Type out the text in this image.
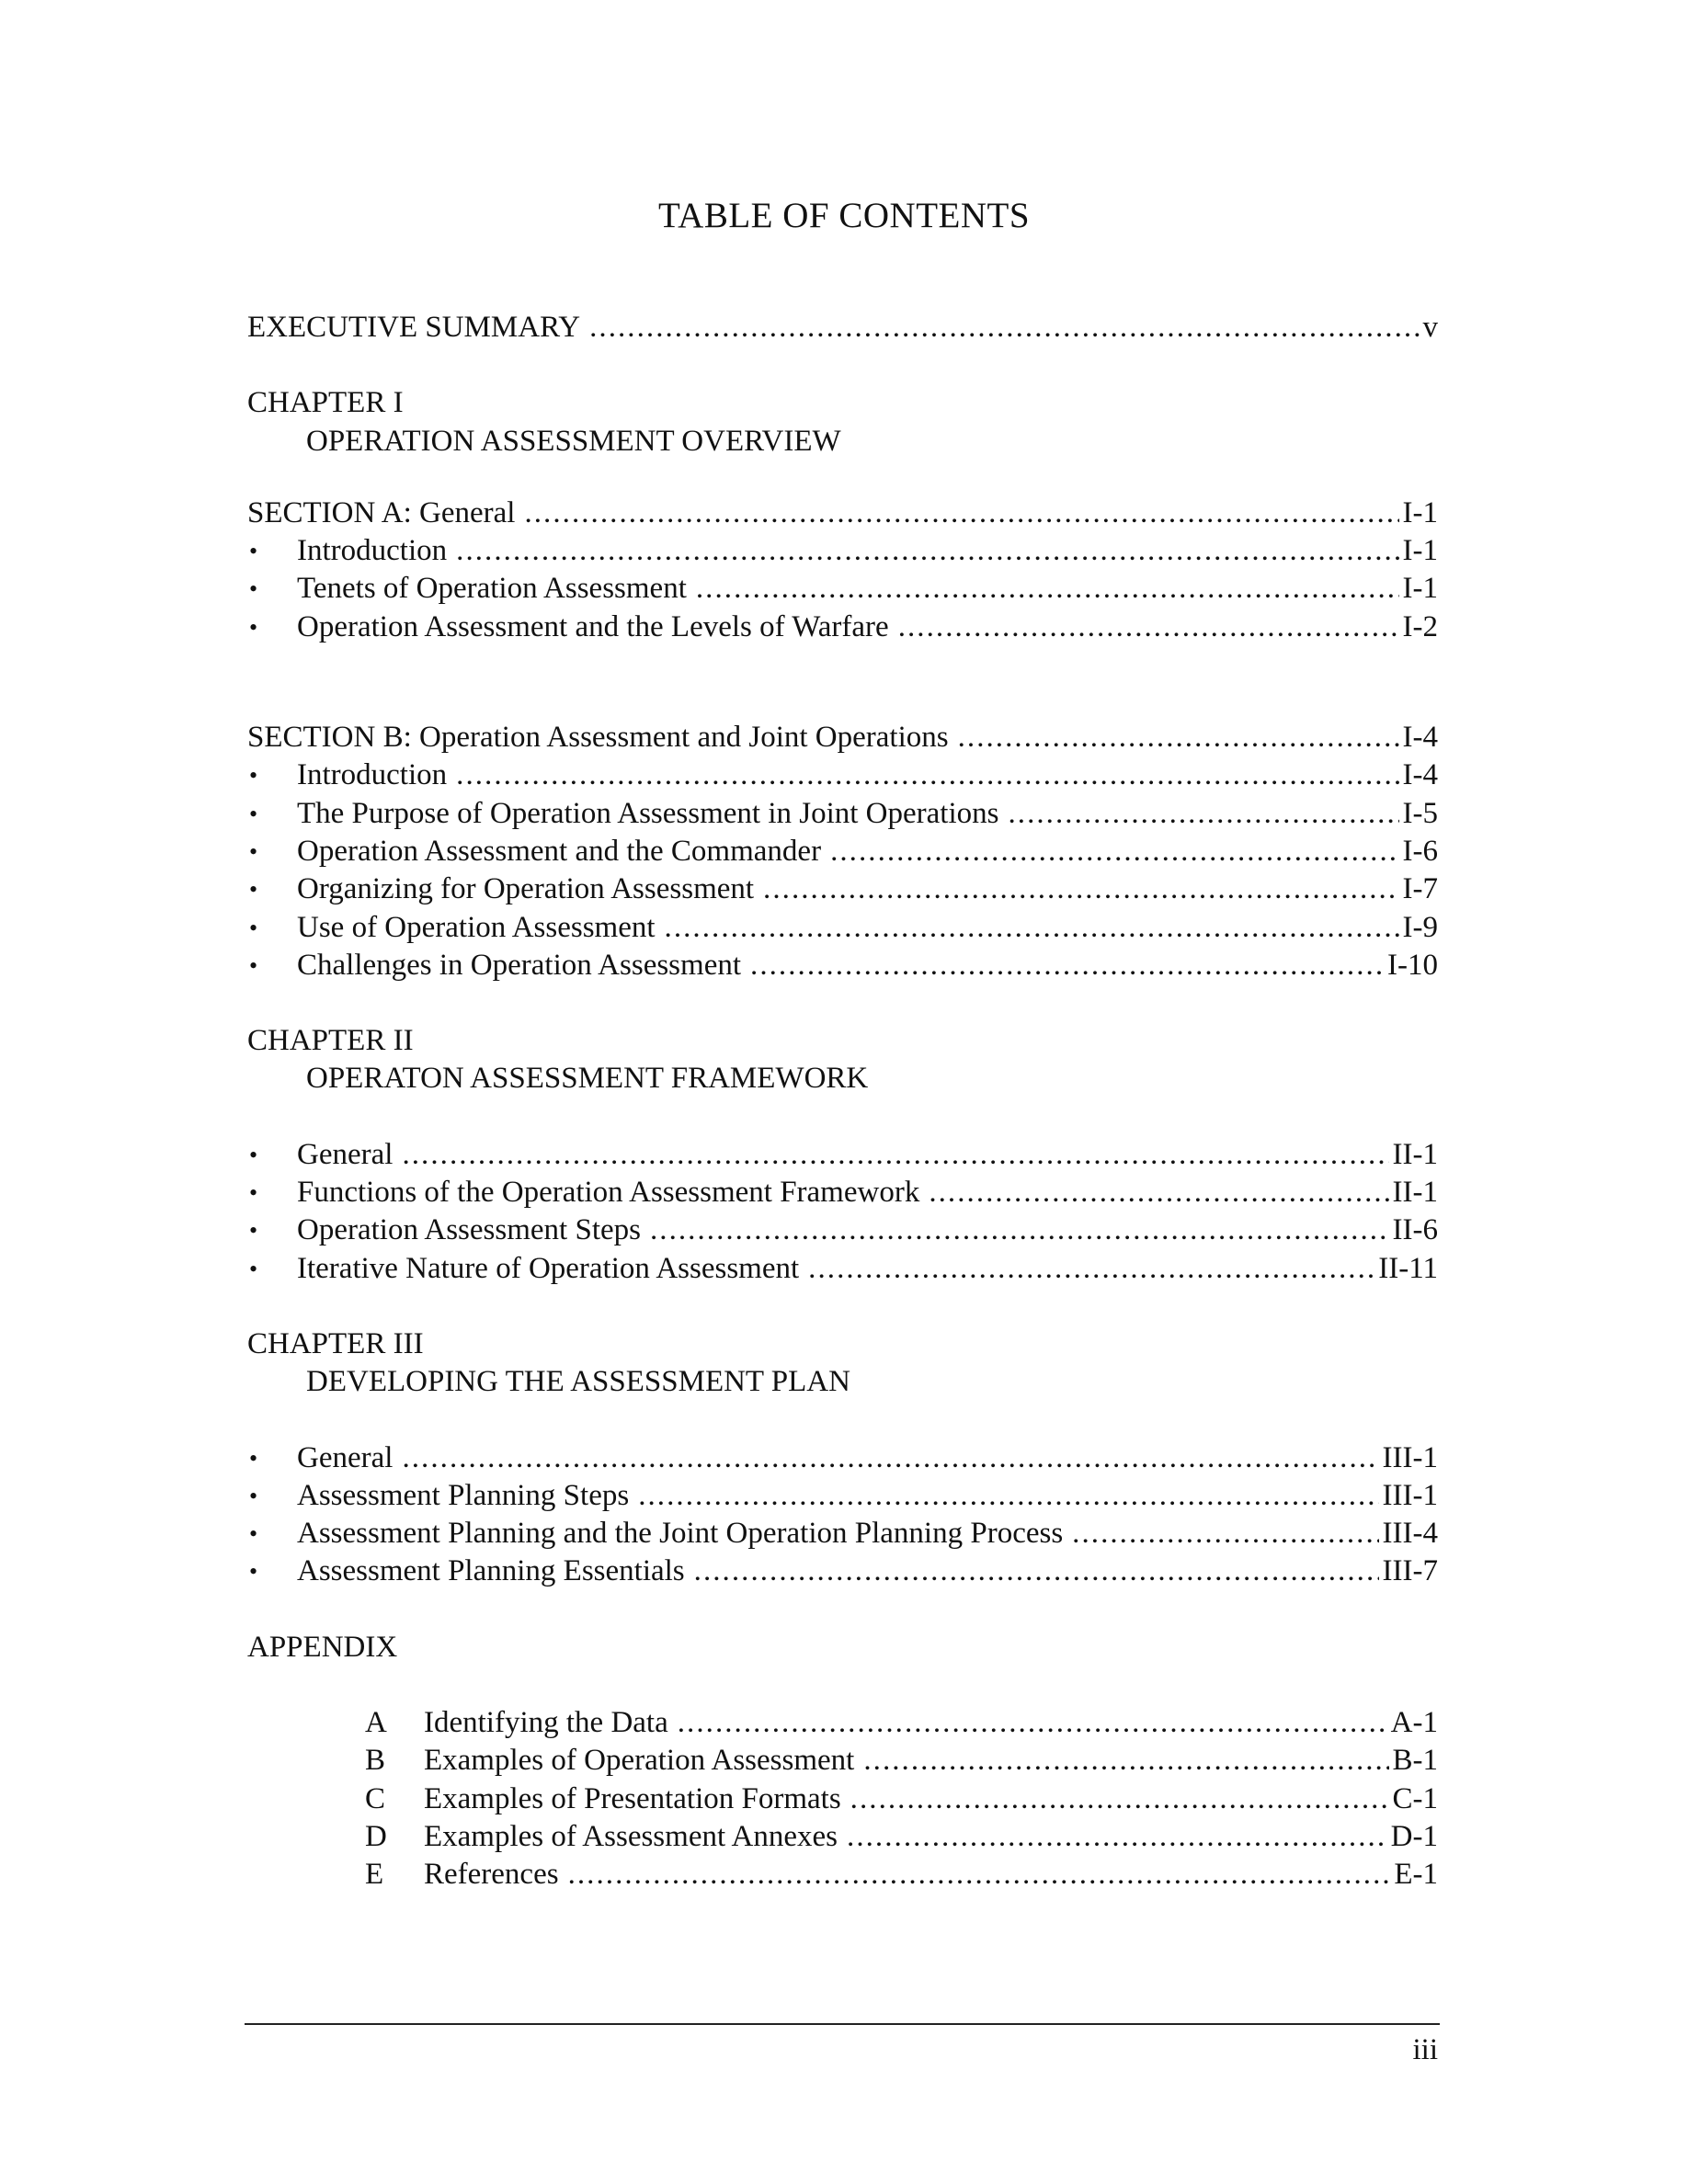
TABLE OF CONTENTS
EXECUTIVE SUMMARY . . .	v
CHAPTER I
OPERATION ASSESSMENT OVERVIEW
SECTION A: General . . .	I-1
• Introduction . . .	I-1
• Tenets of Operation Assessment . . .	I-1
• Operation Assessment and the Levels of Warfare . . .	I-2
SECTION B: Operation Assessment and Joint Operations . . .	I-4
• Introduction . . .	I-4
• The Purpose of Operation Assessment in Joint Operations . . .	I-5
• Operation Assessment and the Commander . . .	I-6
• Organizing for Operation Assessment . . .	I-7
• Use of Operation Assessment . . .	I-9
• Challenges in Operation Assessment . . .	I-10
CHAPTER II
OPERATON ASSESSMENT FRAMEWORK
• General . . .	II-1
• Functions of the Operation Assessment Framework . . .	II-1
• Operation Assessment Steps . . .	II-6
• Iterative Nature of Operation Assessment . . .	II-11
CHAPTER III
DEVELOPING THE ASSESSMENT PLAN
• General . . .	III-1
• Assessment Planning Steps . . .	III-1
• Assessment Planning and the Joint Operation Planning Process . . .	III-4
• Assessment Planning Essentials . . .	III-7
APPENDIX
A	Identifying the Data . . .	A-1
B	Examples of Operation Assessment . . .	B-1
C	Examples of Presentation Formats . . .	C-1
D	Examples of Assessment Annexes . . .	D-1
E	References . . .	E-1
iii
